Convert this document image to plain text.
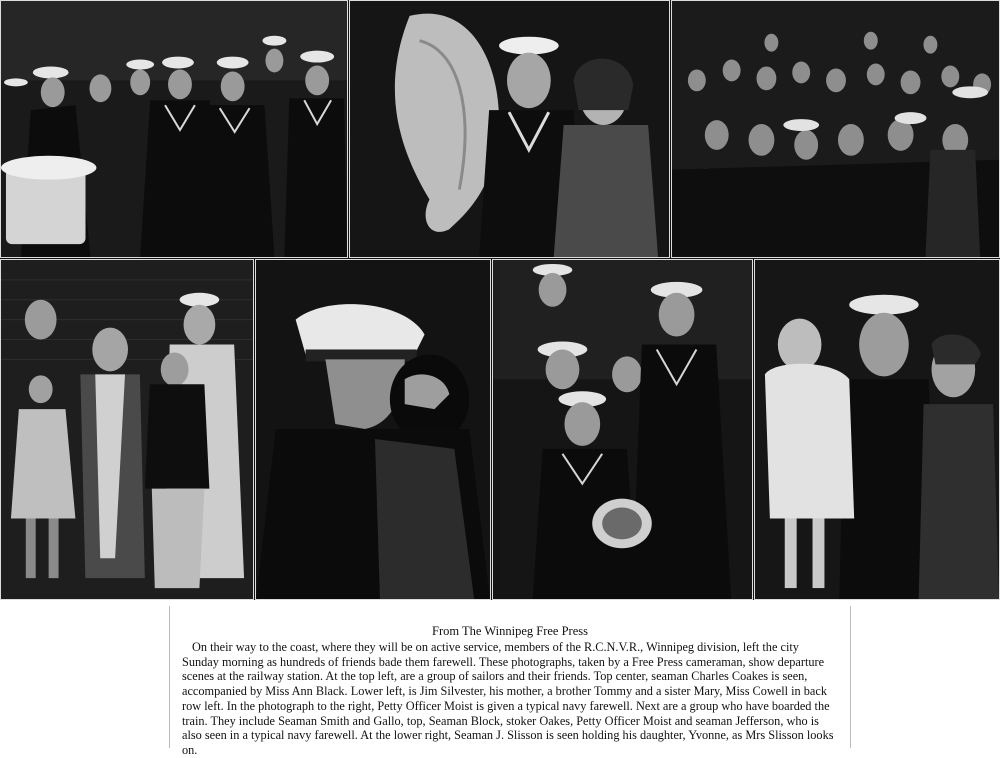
From The Winnipeg Free Press

On their way to the coast, where they will be on active service, members of the R.C.N.V.R., Winnipeg division, left the city Sunday morning as hundreds of friends bade them farewell. These photographs, taken by a Free Press cameraman, show departure scenes at the railway station. At the top left, are a group of sailors and their friends. Top center, seaman Charles Coakes is seen, accompanied by Miss Ann Black. Lower left, is Jim Silvester, his mother, a brother Tommy and a sister Mary, Miss Cowell in back row left. In the photograph to the right, Petty Officer Moist is given a typical navy farewell. Next are a group who have boarded the train. They include Seaman Smith and Gallo, top, Seaman Block, stoker Oakes, Petty Officer Moist and seaman Jefferson, who is also seen in a typical navy farewell. At the lower right, Seaman J. Slisson is seen holding his daughter, Yvonne, as Mrs Slisson looks on.
